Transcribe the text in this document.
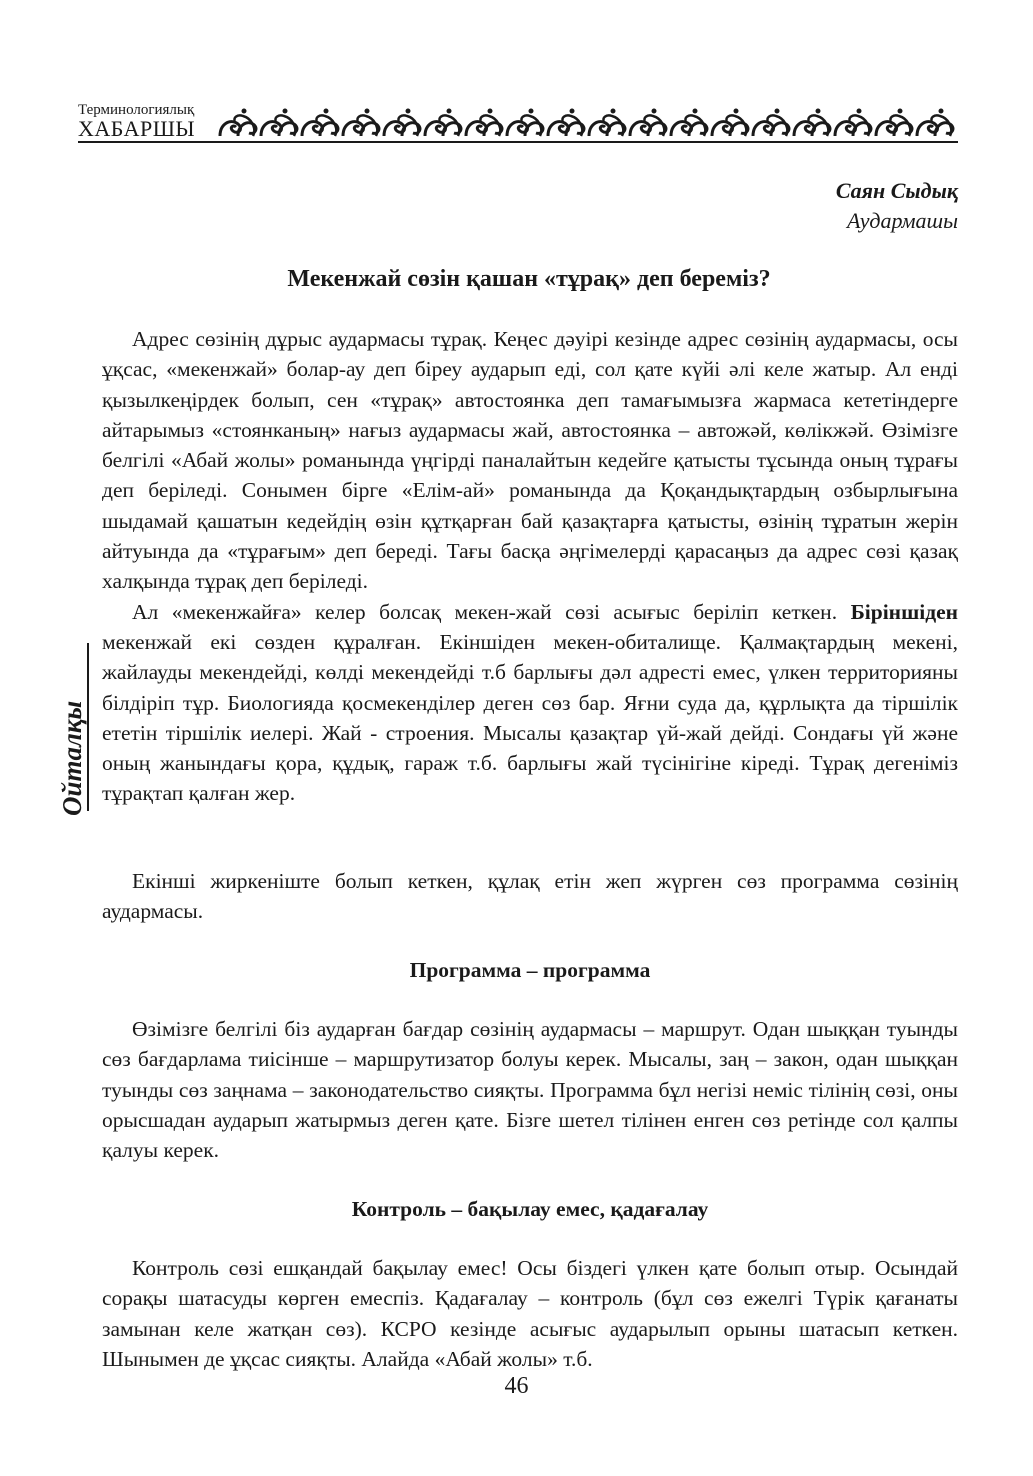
Терминологиялық
ХАБАРШЫ
Ойталқы
Саян Сыдық
Аудармашы
Мекенжай сөзін қашан «тұрақ» деп береміз?

Адрес сөзінің дұрыс аудармасы тұрақ. Кеңес дәуірі кезінде адрес сөзінің аудармасы, осы ұқсас, «мекенжай» болар-ау деп біреу аударып еді, сол қате күйі әлі келе жатыр. Ал енді қызылкеңірдек болып, сен «тұрақ» автостоянка деп тамағымызға жармаса кететіндерге айтарымыз «стоянканың» нағыз аудармасы жай, автостоянка – автожәй, көлікжәй. Өзімізге белгілі «Абай жолы» романында үңгірді паналайтын кедейге қатысты тұсында оның тұрағы деп беріледі. Сонымен бірге «Елім-ай» романында да Қоқандықтардың озбырлығына шыдамай қашатын кедейдің өзін құтқарған бай қазақтарға қатысты, өзінің тұратын жерін айтуында да «тұрағым» деп береді. Тағы басқа әңгімелерді қарасаңыз да адрес сөзі қазақ халқында тұрақ деп беріледі.

Ал «мекенжайға» келер болсақ мекен-жай сөзі асығыс беріліп кеткен. Біріншіден мекенжай екі сөзден құралған. Екіншіден мекен-обиталище. Қалмақтардың мекені, жайлауды мекендейді, көлді мекендейді т.б барлығы дәл адресті емес, үлкен территорияны білдіріп тұр. Биологияда қосмекенділер деген сөз бар. Яғни суда да, құрлықта да тіршілік ететін тіршілік иелері. Жай - строения. Мысалы қазақтар үй-жай дейді. Сондағы үй және оның жанындағы қора, құдық, гараж т.б. барлығы жай түсінігіне кіреді. Тұрақ дегеніміз тұрақтап қалған жер.

Екінші жиркеніште болып кеткен, құлақ етін жеп жүрген сөз программа сөзінің аудармасы.

Программа – программа

Өзімізге белгілі біз аударған бағдар сөзінің аудармасы – маршрут. Одан шыққан туынды сөз бағдарлама тиісінше – маршрутизатор болуы керек. Мысалы, заң – закон, одан шыққан туынды сөз заңнама – законодательство сияқты. Программа бұл негізі неміс тілінің сөзі, оны орысшадан аударып жатырмыз деген қате. Бізге шетел тілінен енген сөз ретінде сол қалпы қалуы керек.

Контроль – бақылау емес, қадағалау

Контроль сөзі ешқандай бақылау емес! Осы біздегі үлкен қате болып отыр. Осындай сорақы шатасуды көрген емеспіз. Қадағалау – контроль (бұл сөз ежелгі Түрік қағанаты замынан келе жатқан сөз). КСРО кезінде асығыс аударылып орыны шатасып кеткен. Шынымен де ұқсас сияқты. Алайда «Абай жолы» т.б.

46
